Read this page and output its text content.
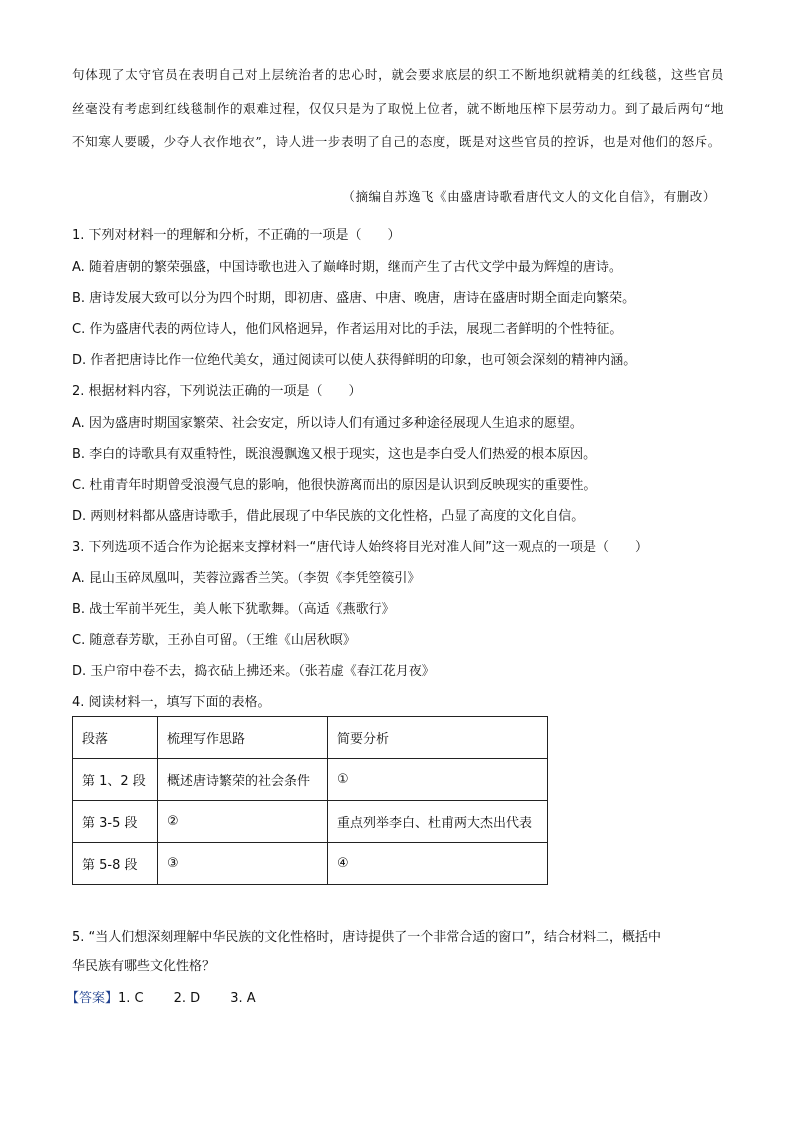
句体现了太守官员在表明自己对上层统治者的忠心时，就会要求底层的织工不断地织就精美的红线毯，这些官员丝毫没有考虑到红线毯制作的艰难过程，仅仅只是为了取悦上位者，就不断地压榨下层劳动力。到了最后两句“地不知寒人要暖，少夺人衣作地衣”，诗人进一步表明了自己的态度，既是对这些官员的控诉，也是对他们的怒斥。
（摘编自苏逸飞《由盛唐诗歌看唐代文人的文化自信》，有删改）
1. 下列对材料一的理解和分析，不正确的一项是（　　）
A. 随着唐朝的繁荣强盛，中国诗歌也进入了巅峰时期，继而产生了古代文学中最为辉煌的唐诗。
B. 唐诗发展大致可以分为四个时期，即初唐、盛唐、中唐、晚唐，唐诗在盛唐时期全面走向繁荣。
C. 作为盛唐代表的两位诗人，他们风格迥异，作者运用对比的手法，展现二者鲜明的个性特征。
D. 作者把唐诗比作一位绝代美女，通过阅读可以使人获得鲜明的印象，也可领会深刻的精神内涵。
2. 根据材料内容，下列说法正确的一项是（　　）
A. 因为盛唐时期国家繁荣、社会安定，所以诗人们有通过多种途径展现人生追求的愿望。
B. 李白的诗歌具有双重特性，既浪漫飘逸又根于现实，这也是李白受人们热爱的根本原因。
C. 杜甫青年时期曾受浪漫气息的影响，他很快游离而出的原因是认识到反映现实的重要性。
D. 两则材料都从盛唐诗歌手，借此展现了中华民族的文化性格，凸显了高度的文化自信。
3. 下列选项不适合作为论据来支撑材料一“唐代诗人始终将目光对准人间”这一观点的一项是（　　）
A. 昆山玉碎凤凰叫，芙蓉泣露香兰笑。（李贺《李凭箜篌引》
B. 战士军前半死生，美人帐下犹歌舞。（高适《燕歌行》
C. 随意春芳歇，王孙自可留。（王维《山居秋暝》
D. 玉户帘中卷不去，捣衣砧上拂还来。（张若虚《春江花月夜》
4. 阅读材料一，填写下面的表格。
段落	梳理写作思路	简要分析
第 1、2 段	概述唐诗繁荣的社会条件	①
第 3-5 段	②	重点列举李白、杜甫两大杰出代表
第 5-8 段	③	④
5. “当人们想深刻理解中华民族的文化性格时，唐诗提供了一个非常合适的窗口”，结合材料二，概括中
华民族有哪些文化性格？
【答案】1. C 2. D 3. A
